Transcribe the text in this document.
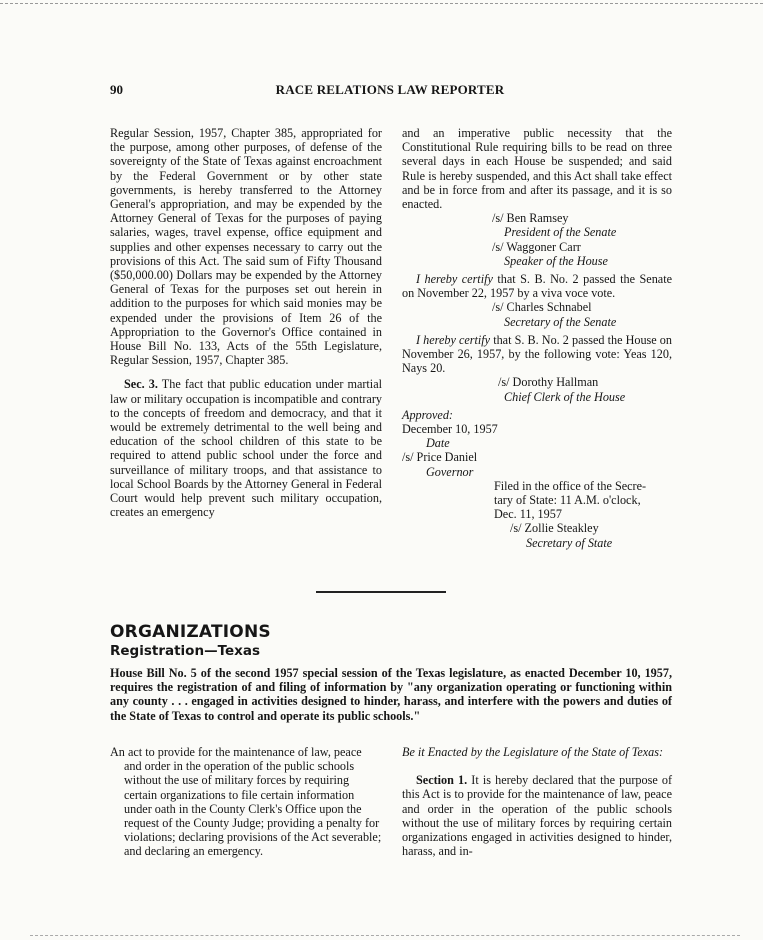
90	RACE RELATIONS LAW REPORTER

Regular Session, 1957, Chapter 385, appropriated for the purpose, among other purposes, of defense of the sovereignty of the State of Texas against encroachment by the Federal Government or by other state governments, is hereby transferred to the Attorney General's appropriation, and may be expended by the Attorney General of Texas for the purposes of paying salaries, wages, travel expense, office equipment and supplies and other expenses necessary to carry out the provisions of this Act. The said sum of Fifty Thousand ($50,000.00) Dollars may be expended by the Attorney General of Texas for the purposes set out herein in addition to the purposes for which said monies may be expended under the provisions of Item 26 of the Appropriation to the Governor's Office contained in House Bill No. 133, Acts of the 55th Legislature, Regular Session, 1957, Chapter 385.

Sec. 3. The fact that public education under martial law or military occupation is incompatible and contrary to the concepts of freedom and democracy, and that it would be extremely detrimental to the well being and education of the school children of this state to be required to attend public school under the force and surveillance of military troops, and that assistance to local School Boards by the Attorney General in Federal Court would help prevent such military occupation, creates an emergency

and an imperative public necessity that the Constitutional Rule requiring bills to be read on three several days in each House be suspended; and said Rule is hereby suspended, and this Act shall take effect and be in force from and after its passage, and it is so enacted.

/s/ Ben Ramsey
President of the Senate
/s/ Waggoner Carr
Speaker of the House

I hereby certify that S. B. No. 2 passed the Senate on November 22, 1957 by a viva voce vote.

/s/ Charles Schnabel
Secretary of the Senate

I hereby certify that S. B. No. 2 passed the House on November 26, 1957, by the following vote: Yeas 120, Nays 20.

/s/ Dorothy Hallman
Chief Clerk of the House
Approved:
December 10, 1957
Date
/s/ Price Daniel
Governor
Filed in the office of the Secre-
tary of State: 11 A.M. o'clock,
Dec. 11, 1957
/s/ Zollie Steakley
Secretary of State
ORGANIZATIONS
Registration—Texas
House Bill No. 5 of the second 1957 special session of the Texas legislature, as enacted December 10, 1957, requires the registration of and filing of information by "any organization operating or functioning within any county . . . engaged in activities designed to hinder, harass, and interfere with the powers and duties of the State of Texas to control and operate its public schools."

An act to provide for the maintenance of law, peace and order in the operation of the public schools without the use of military forces by requiring certain organizations to file certain information under oath in the County Clerk's Office upon the request of the County Judge; providing a penalty for violations; declaring provisions of the Act severable; and declaring an emergency.

Be it Enacted by the Legislature of the State of Texas:

Section 1. It is hereby declared that the purpose of this Act is to provide for the maintenance of law, peace and order in the operation of the public schools without the use of military forces by requiring certain organizations engaged in activities designed to hinder, harass, and in-
